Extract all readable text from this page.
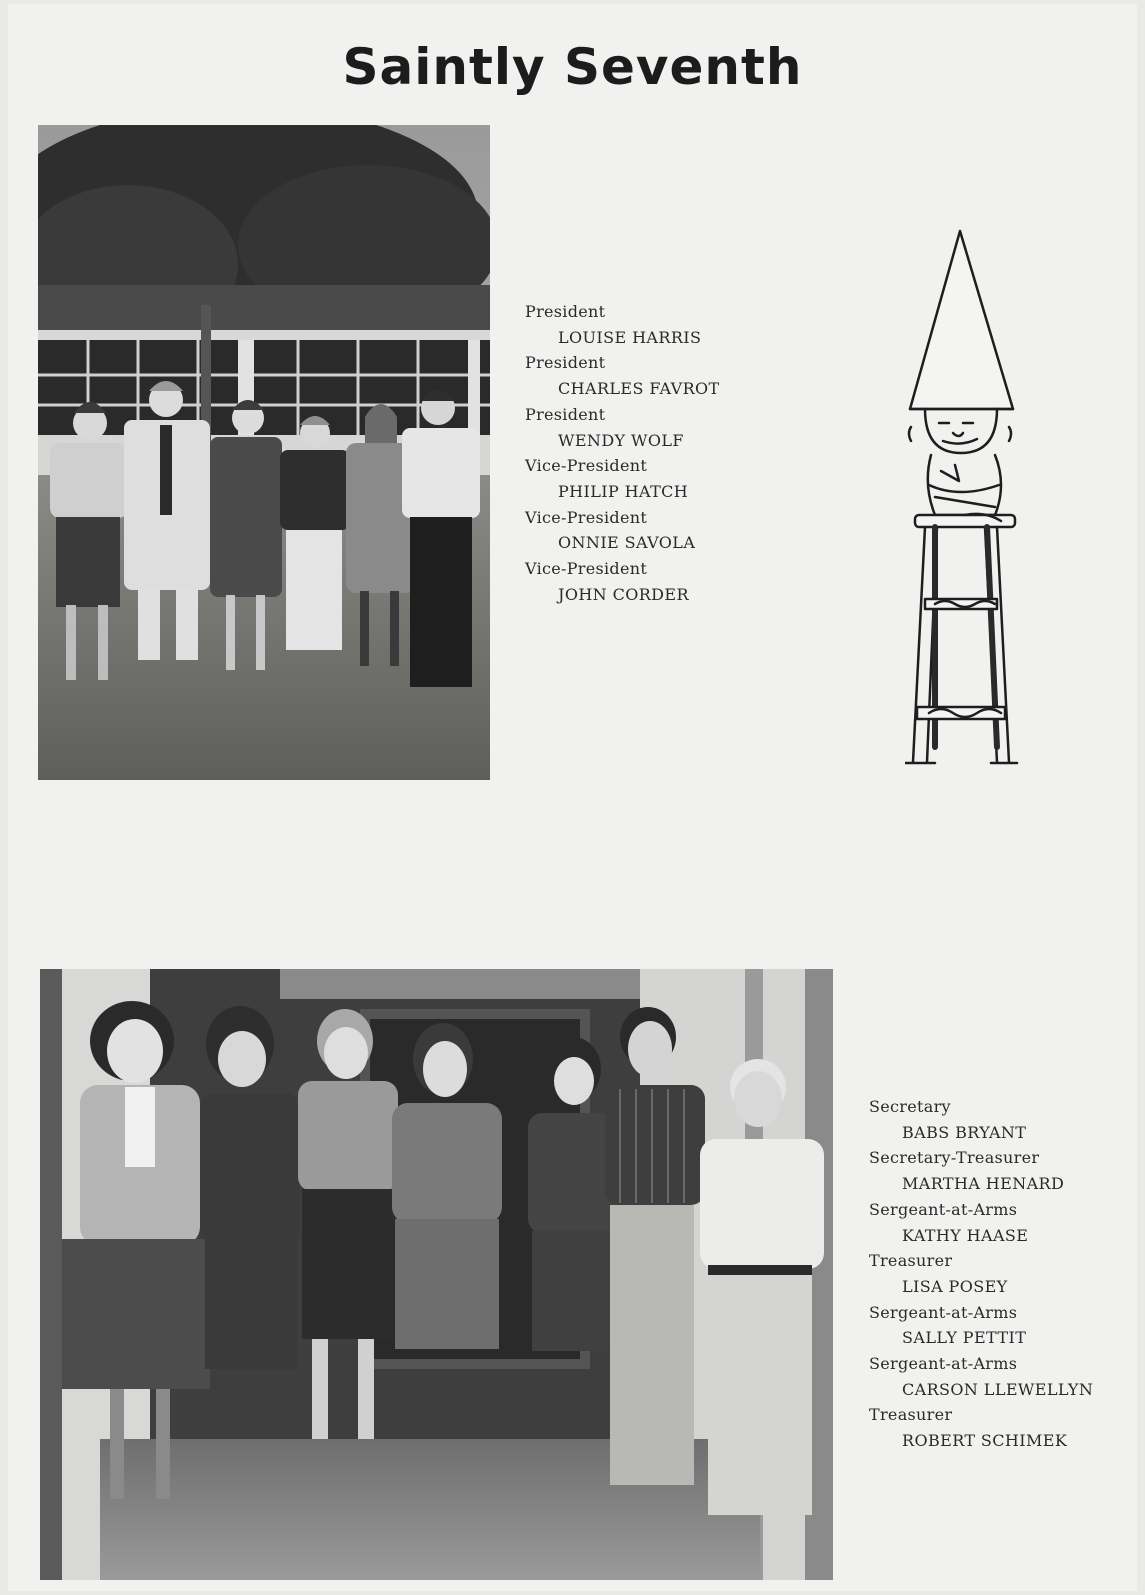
Saintly Seventh
President
LOUISE HARRIS
President
CHARLES FAVROT
President
WENDY WOLF
Vice-President
PHILIP HATCH
Vice-President
ONNIE SAVOLA
Vice-President
JOHN CORDER
Secretary
BABS BRYANT
Secretary-Treasurer
MARTHA HENARD
Sergeant-at-Arms
KATHY HAASE
Treasurer
LISA POSEY
Sergeant-at-Arms
SALLY PETTIT
Sergeant-at-Arms
CARSON LLEWELLYN
Treasurer
ROBERT SCHIMEK
